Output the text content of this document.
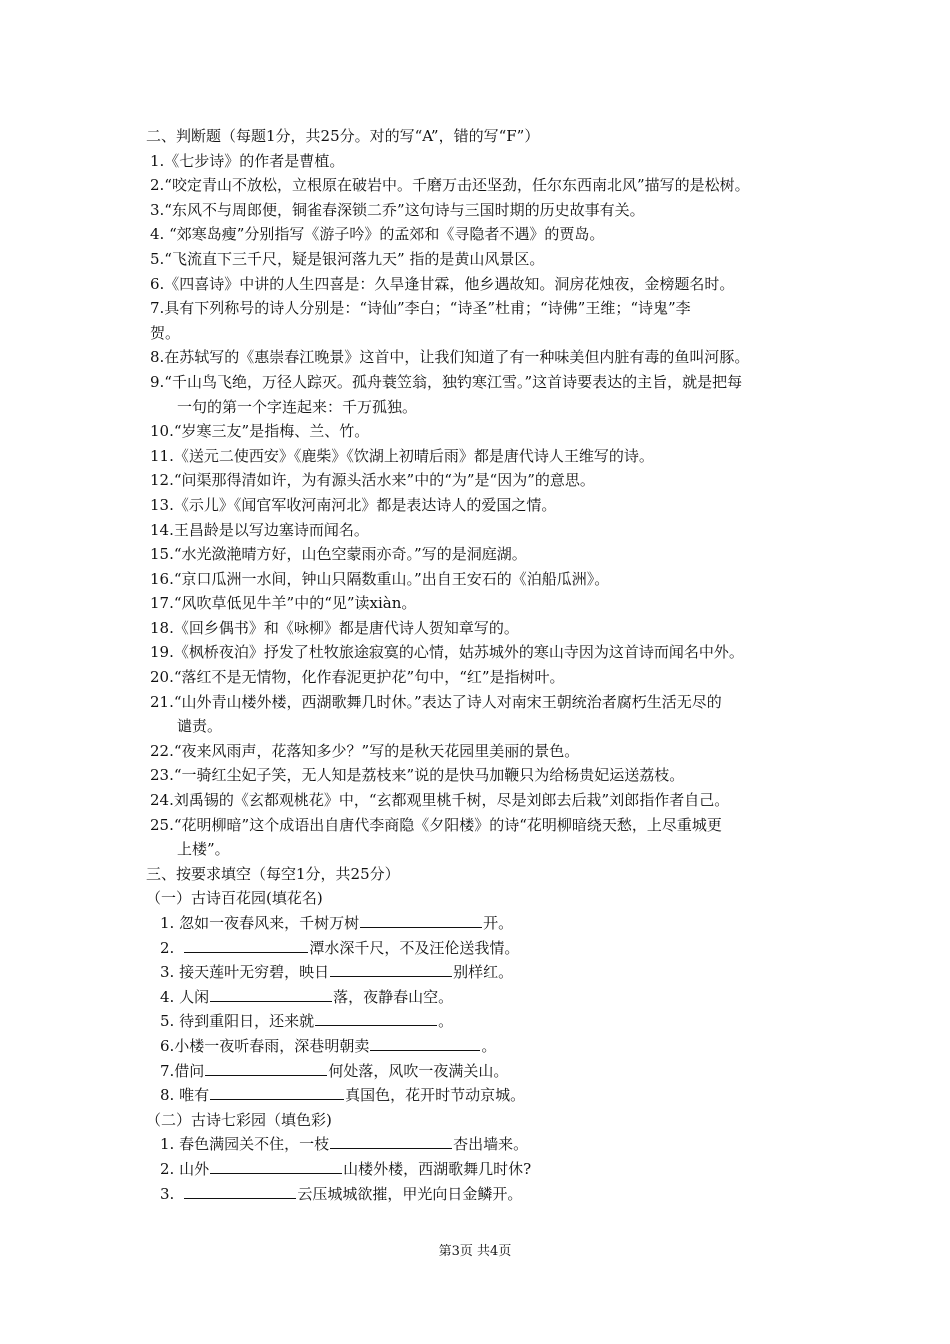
二、判断题（每题1分，共25分。对的写“A”，错的写“F”）

1.《七步诗》的作者是曹植。

2.“咬定青山不放松，立根原在破岩中。千磨万击还坚劲，任尔东西南北风”描写的是松树。

3.“东风不与周郎便，铜雀春深锁二乔”这句诗与三国时期的历史故事有关。

4. “郊寒岛瘦”分别指写《游子吟》的孟郊和《寻隐者不遇》的贾岛。

5.“飞流直下三千尺，疑是银河落九天” 指的是黄山风景区。

6.《四喜诗》中讲的人生四喜是：久旱逢甘霖，他乡遇故知。洞房花烛夜，金榜题名时。

7.具有下列称号的诗人分别是：“诗仙”李白；“诗圣”杜甫；“诗佛”王维；“诗鬼”李

贺。

8.在苏轼写的《惠崇春江晚景》这首中，让我们知道了有一种味美但内脏有毒的鱼叫河豚。

9.“千山鸟飞绝，万径人踪灭。孤舟蓑笠翁，独钓寒江雪。”这首诗要表达的主旨，就是把每

一句的第一个字连起来：千万孤独。

10.“岁寒三友”是指梅、兰、竹。

11.《送元二使西安》《鹿柴》《饮湖上初晴后雨》都是唐代诗人王维写的诗。

12.“问渠那得清如许，为有源头活水来”中的“为”是“因为”的意思。

13.《示儿》《闻官军收河南河北》都是表达诗人的爱国之情。

14.王昌龄是以写边塞诗而闻名。

15.“水光潋滟晴方好，山色空蒙雨亦奇。”写的是洞庭湖。

16.“京口瓜洲一水间，钟山只隔数重山。”出自王安石的《泊船瓜洲》。

17.“风吹草低见牛羊”中的“见”读xiàn。

18.《回乡偶书》和《咏柳》都是唐代诗人贺知章写的。

19.《枫桥夜泊》抒发了杜牧旅途寂寞的心情，姑苏城外的寒山寺因为这首诗而闻名中外。

20.“落红不是无情物，化作春泥更护花”句中，“红”是指树叶。

21.“山外青山楼外楼，西湖歌舞几时休。”表达了诗人对南宋王朝统治者腐朽生活无尽的

谴责。

22.“夜来风雨声，花落知多少？”写的是秋天花园里美丽的景色。

23.“一骑红尘妃子笑，无人知是荔枝来”说的是快马加鞭只为给杨贵妃运送荔枝。

24.刘禹锡的《玄都观桃花》中，“玄都观里桃千树，尽是刘郎去后栽”刘郎指作者自己。

25.“花明柳暗”这个成语出自唐代李商隐《夕阳楼》的诗“花明柳暗绕天愁，上尽重城更

上楼”。

三、按要求填空（每空1分，共25分）

（一）古诗百花园(填花名)

1. 忽如一夜春风来，千树万树	开。

2.	潭水深千尺，不及汪伦送我情。

3. 接天莲叶无穷碧，映日	别样红。

4. 人闲	落，夜静春山空。

5. 待到重阳日，还来就	。

6.小楼一夜听春雨，深巷明朝卖	。

7.借问	何处落，风吹一夜满关山。

8. 唯有	真国色，花开时节动京城。

（二）古诗七彩园（填色彩)

1. 春色满园关不住，一枝	杏出墙来。

2. 山外	山楼外楼，西湖歌舞几时休?

3.	云压城城欲摧，甲光向日金鳞开。

第3页 共4页
